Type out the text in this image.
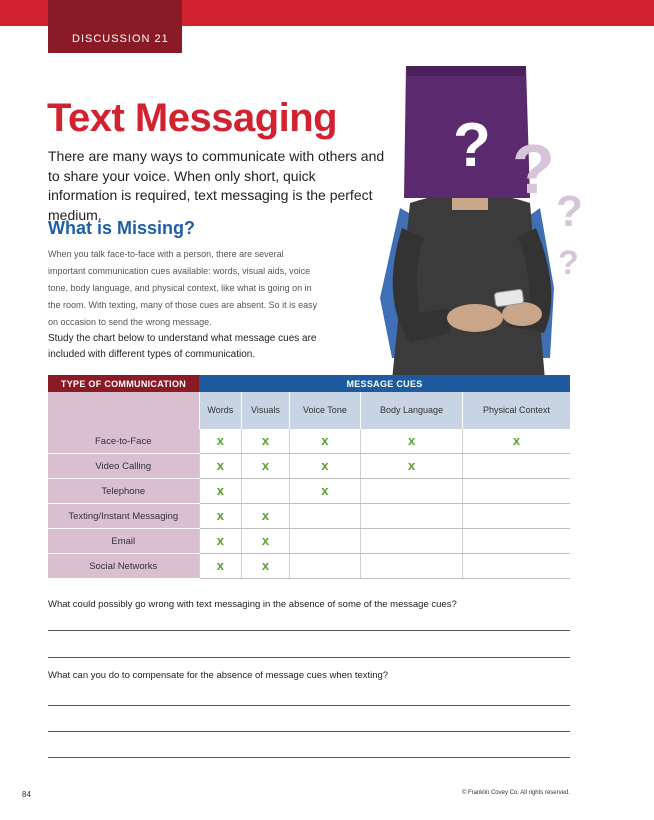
DISCUSSION 21
Text Messaging

There are many ways to communicate with others and to share your voice. When only short, quick information is required, text messaging is the perfect medium.

What is Missing?

When you talk face-to-face with a person, there are several important communication cues available: words, visual aids, voice tone, body language, and physical context, like what is going on in the room. With texting, many of those cues are absent. So it is easy on occasion to send the wrong message.

Study the chart below to understand what message cues are included with different types of communication.

? ?
?
?
TYPE OF COMMUNICATION	MESSAGE CUES				
	Words	Visuals	Voice Tone	Body Language	Physical Context
Face-to-Face	x	x	x	x	x
Video Calling	x	x	x	x	
Telephone	x		x		
Texting/Instant Messaging	x	x			
Email	x	x			
Social Networks	x	x			

What could possibly go wrong with text messaging in the absence of some of the message cues?

What can you do to compensate for the absence of message cues when texting?

84	© Franklin Covey Co. All rights reserved.
